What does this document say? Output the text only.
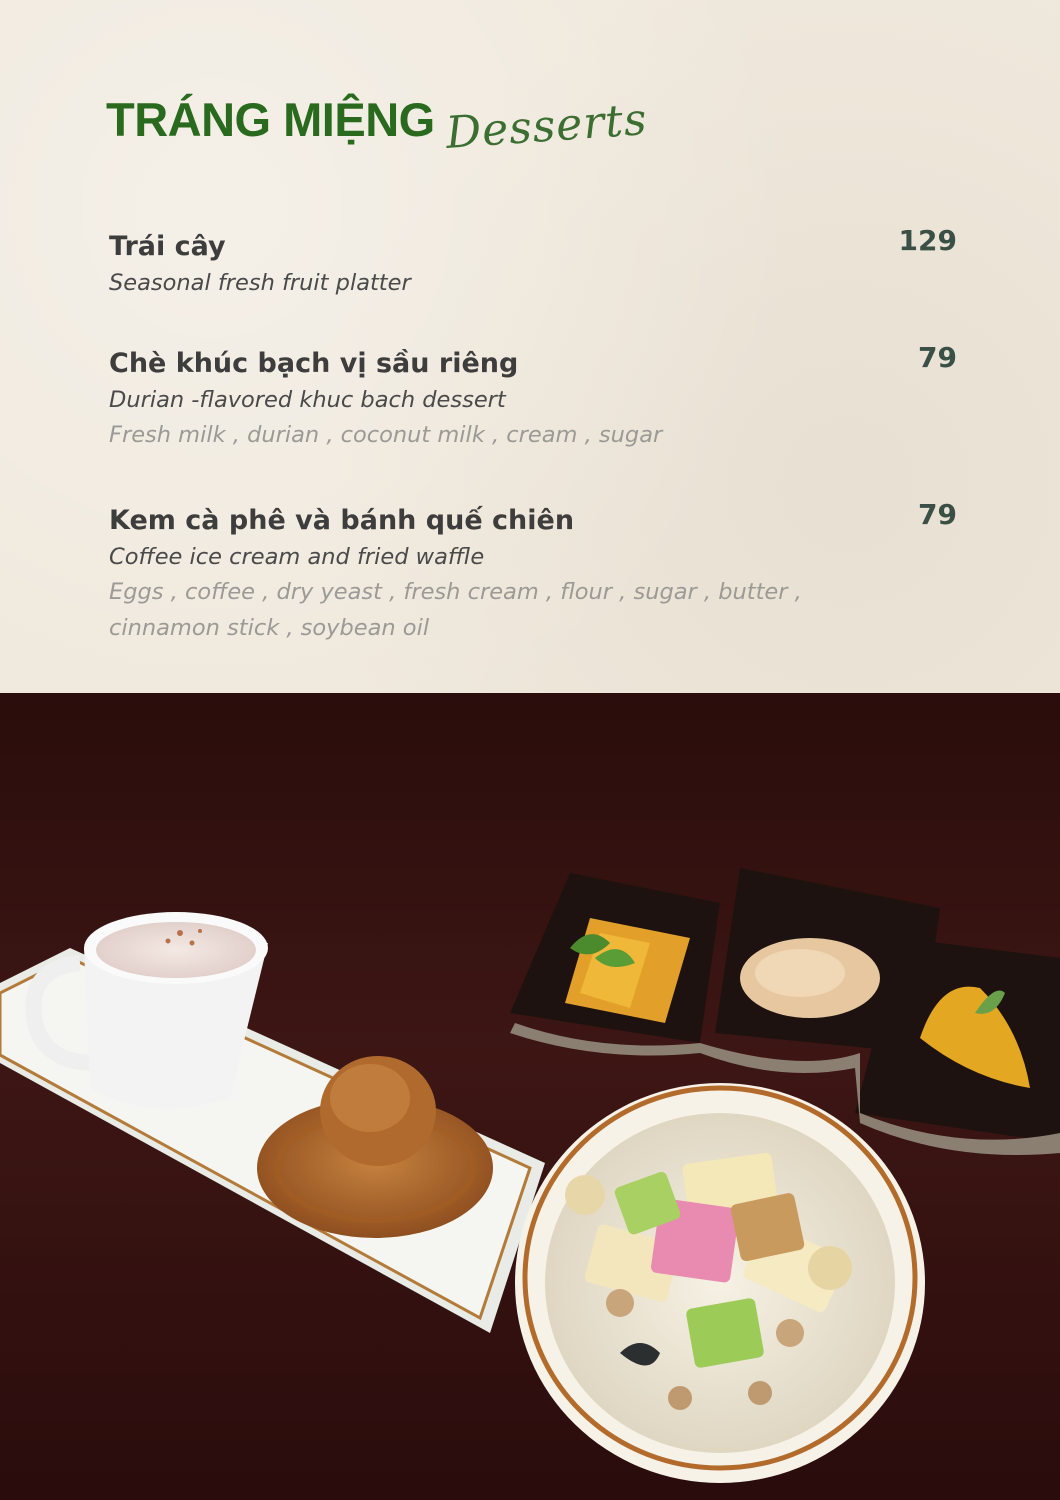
TRÁNG MIỆNG Desserts
Trái cây
Seasonal fresh fruit platter
129
Chè khúc bạch vị sầu riêng
Durian -flavored khuc bach dessert
Fresh milk , durian , coconut milk , cream , sugar
79
Kem cà phê và bánh quế chiên
Coffee ice cream and fried waffle
Eggs , coffee , dry yeast , fresh cream , flour , sugar , butter , cinnamon stick , soybean oil
79
